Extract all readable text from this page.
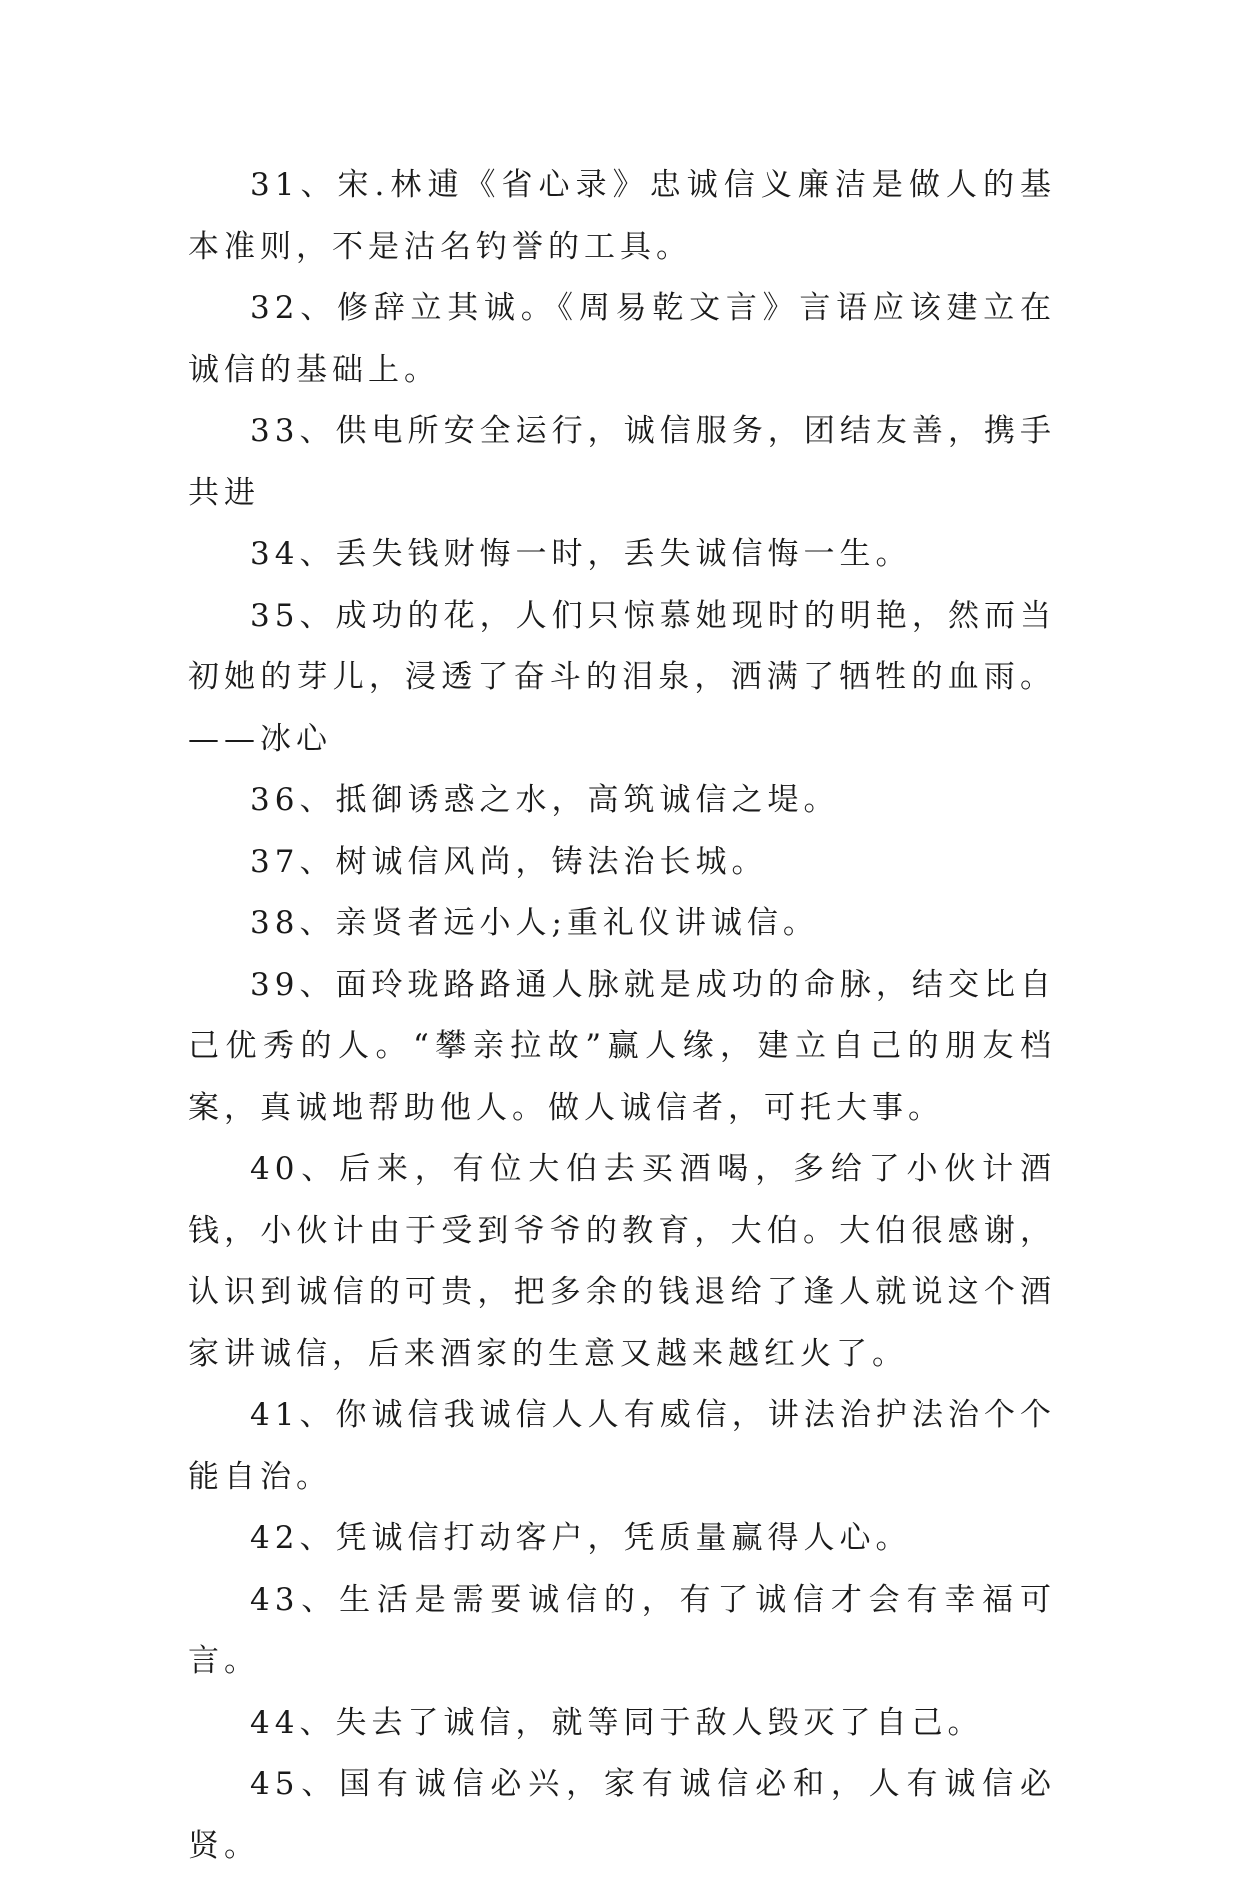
31、宋.林逋《省心录》忠诚信义廉洁是做人的基本准则，不是沽名钓誉的工具。

32、修辞立其诚。《周易乾文言》言语应该建立在诚信的基础上。

33、供电所安全运行，诚信服务，团结友善，携手共进

34、丢失钱财悔一时，丢失诚信悔一生。

35、成功的花，人们只惊慕她现时的明艳，然而当初她的芽儿，浸透了奋斗的泪泉，洒满了牺牲的血雨。——冰心

36、抵御诱惑之水，高筑诚信之堤。

37、树诚信风尚，铸法治长城。

38、亲贤者远小人;重礼仪讲诚信。

39、面玲珑路路通人脉就是成功的命脉，结交比自己优秀的人。“攀亲拉故”赢人缘，建立自己的朋友档案，真诚地帮助他人。做人诚信者，可托大事。

40、后来，有位大伯去买酒喝，多给了小伙计酒钱，小伙计由于受到爷爷的教育，大伯。大伯很感谢，认识到诚信的可贵，把多余的钱退给了逢人就说这个酒家讲诚信，后来酒家的生意又越来越红火了。

41、你诚信我诚信人人有威信，讲法治护法治个个能自治。

42、凭诚信打动客户，凭质量赢得人心。

43、生活是需要诚信的，有了诚信才会有幸福可言。

44、失去了诚信，就等同于敌人毁灭了自己。

45、国有诚信必兴，家有诚信必和，人有诚信必贤。
